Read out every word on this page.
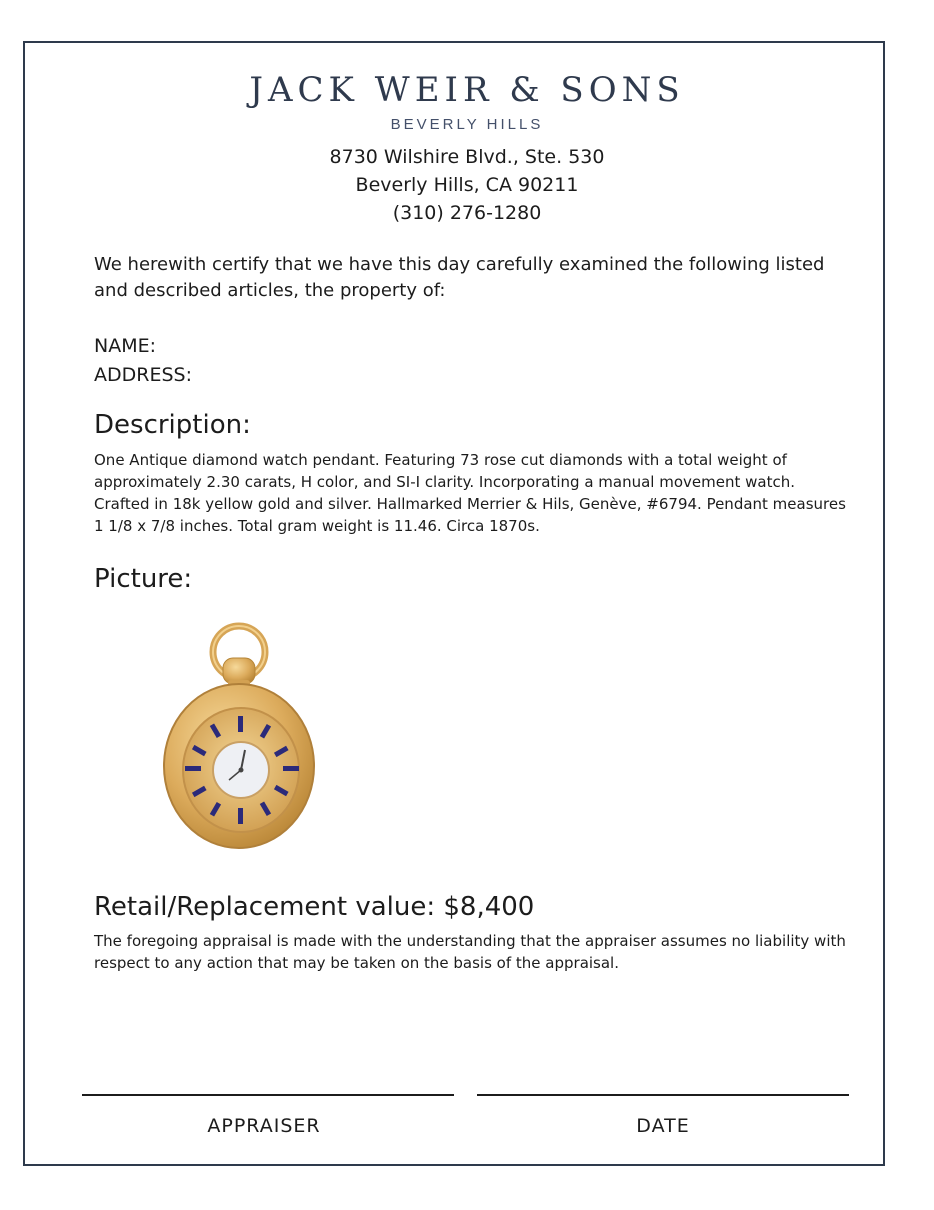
JACK WEIR & SONS
BEVERLY HILLS
8730 Wilshire Blvd., Ste. 530
Beverly Hills, CA 90211
(310) 276-1280
We herewith certify that we have this day carefully examined the following listed and described articles, the property of:
NAME:
ADDRESS:
Description:
One Antique diamond watch pendant. Featuring 73 rose cut diamonds with a total weight of approximately 2.30 carats, H color, and SI-I clarity. Incorporating a manual movement watch. Crafted in 18k yellow gold and silver. Hallmarked Merrier & Hils, Genève, #6794. Pendant measures 1 1/8 x 7/8 inches. Total gram weight is 11.46. Circa 1870s.
Picture:
Retail/Replacement value: $8,400
The foregoing appraisal is made with the understanding that the appraiser assumes no liability with respect to any action that may be taken on the basis of the appraisal.
APPRAISER	DATE
